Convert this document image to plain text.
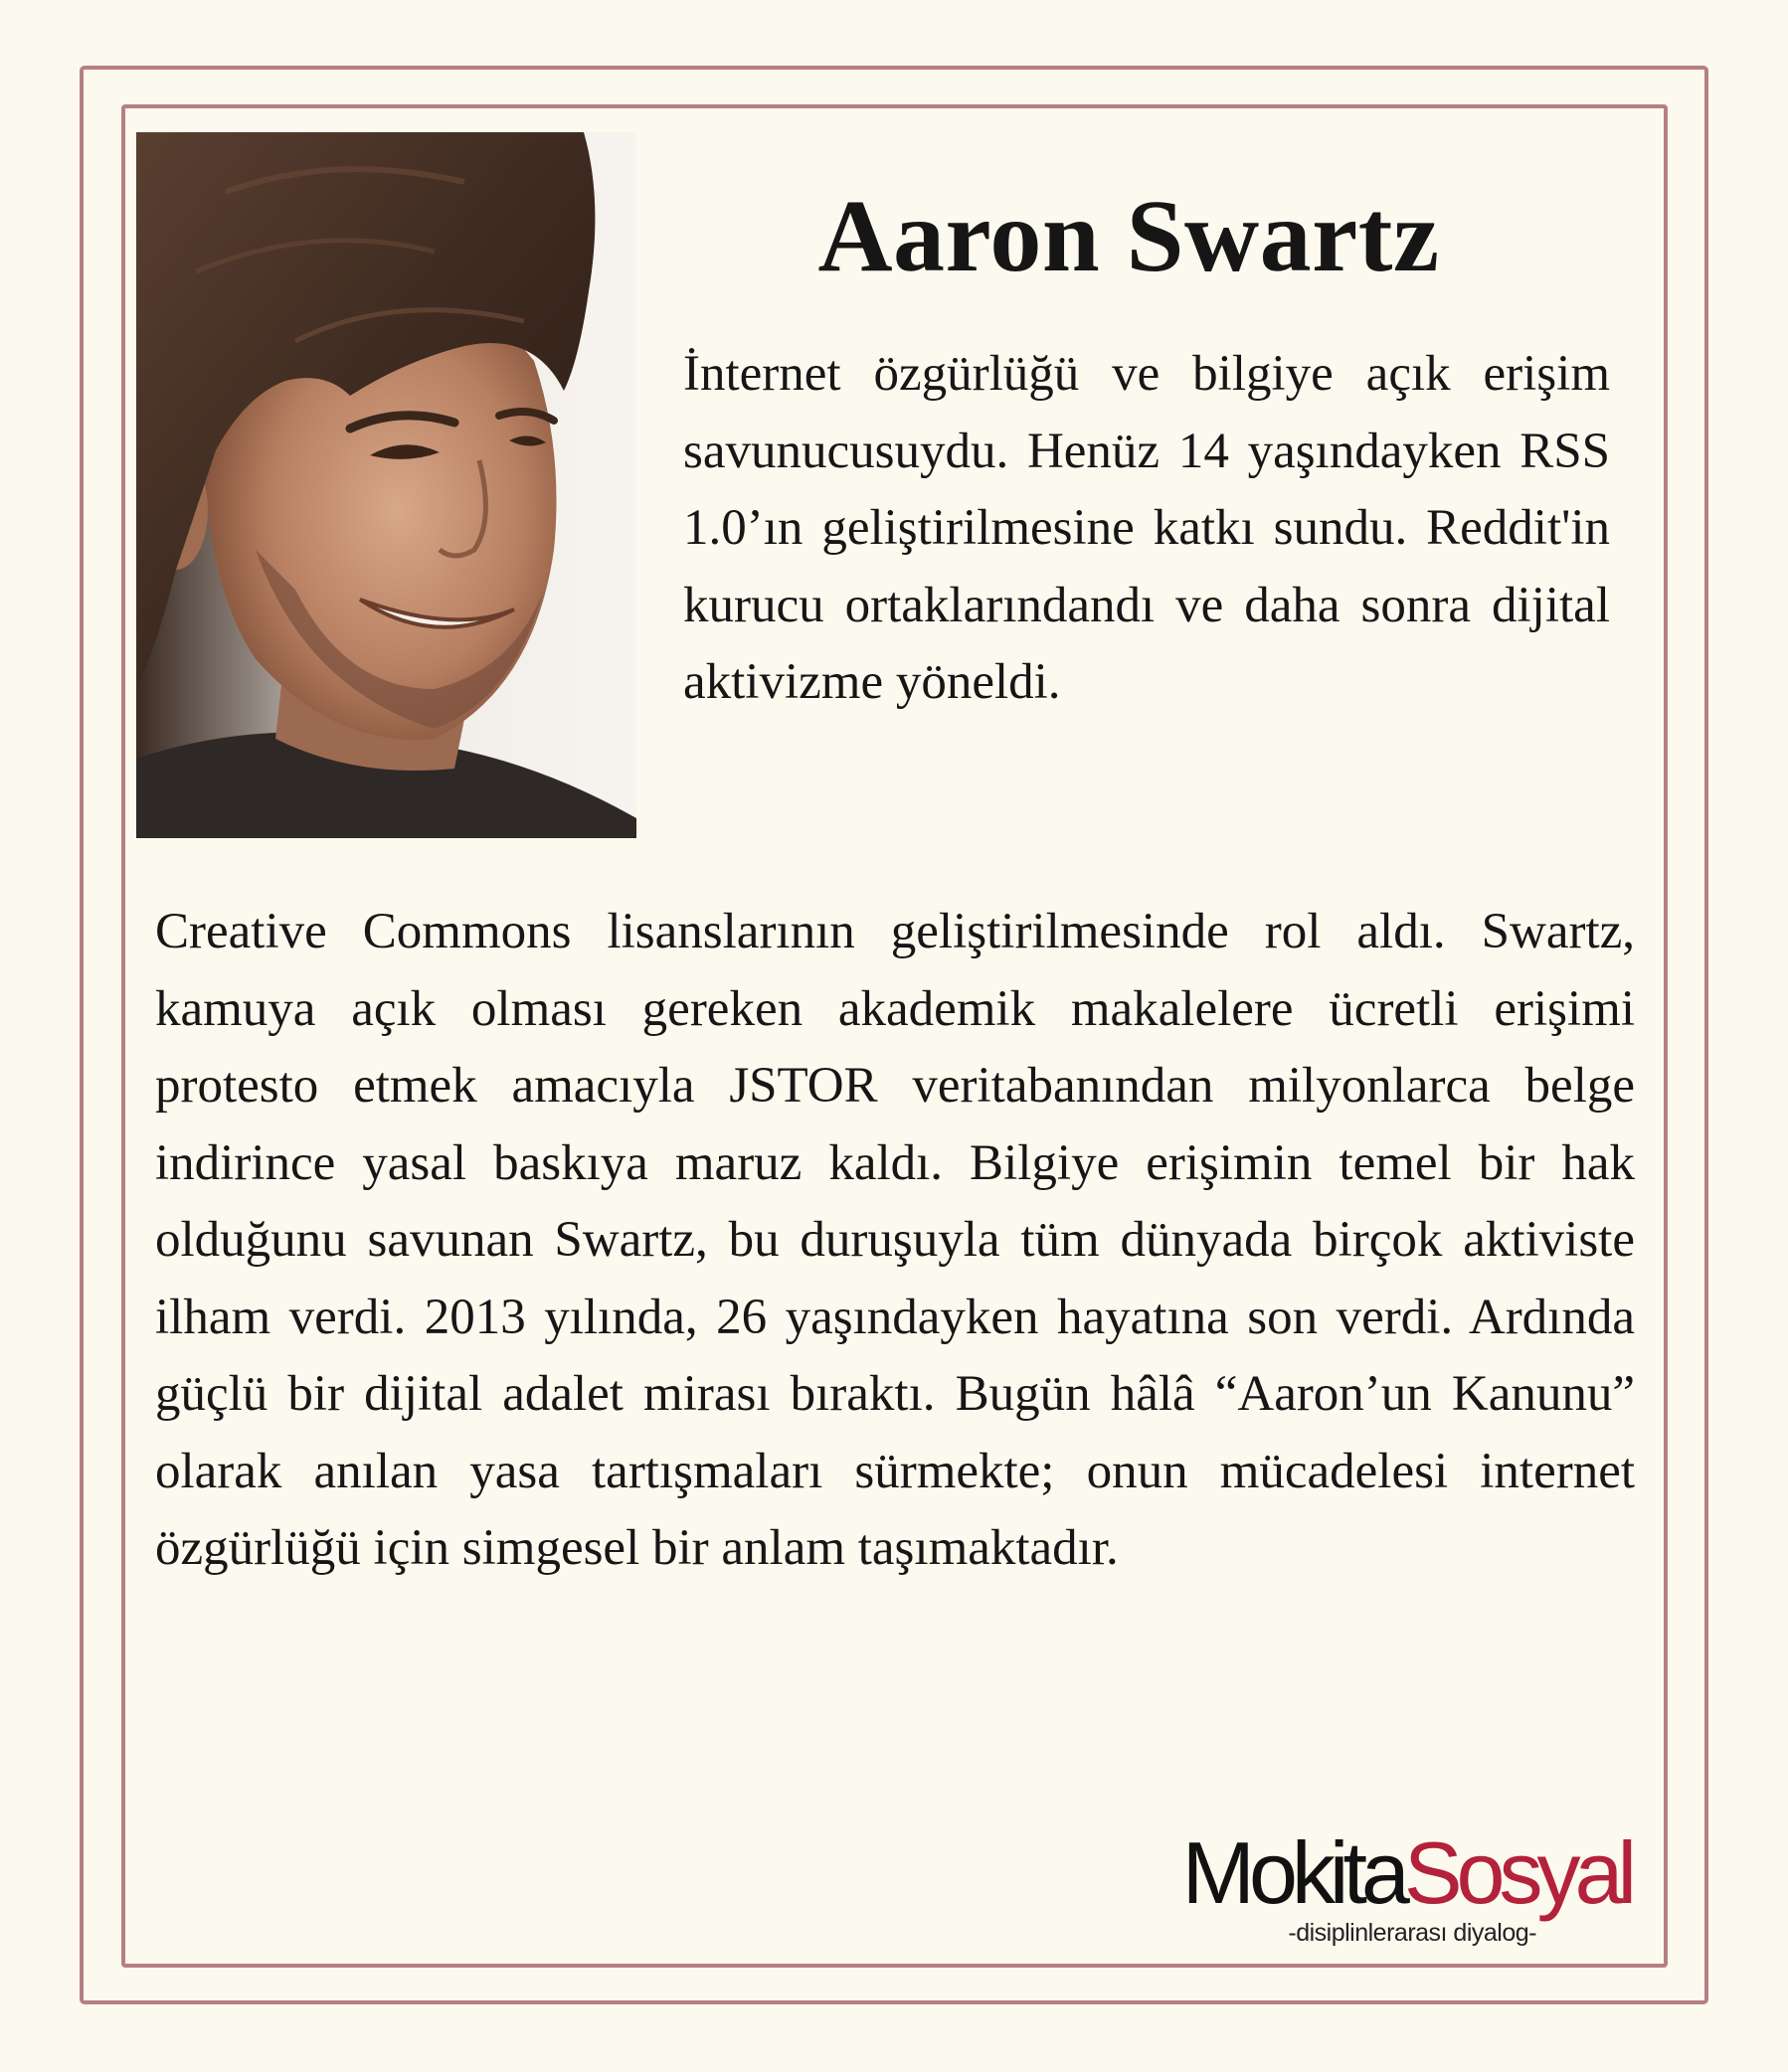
Aaron Swartz

İnternet özgürlüğü ve bilgiye açık erişim savunucusuydu. Henüz 14 yaşındayken RSS 1.0’ın geliştirilmesine katkı sundu. Reddit'in kurucu ortaklarındandı ve daha sonra dijital aktivizme yöneldi.

Creative Commons lisanslarının geliştirilmesinde rol aldı. Swartz, kamuya açık olması gereken akademik makalelere ücretli erişimi protesto etmek amacıyla JSTOR veritabanından milyonlarca belge indirince yasal baskıya maruz kaldı. Bilgiye erişimin temel bir hak olduğunu savunan Swartz, bu duruşuyla tüm dünyada birçok aktiviste ilham verdi. 2013 yılında, 26 yaşındayken hayatına son verdi. Ardında güçlü bir dijital adalet mirası bıraktı. Bugün hâlâ “Aaron’un Kanunu” olarak anılan yasa tartışmaları sürmekte; onun mücadelesi internet özgürlüğü için simgesel bir anlam taşımaktadır.

MokitaSosyal
-disiplinlerarası diyalog-
